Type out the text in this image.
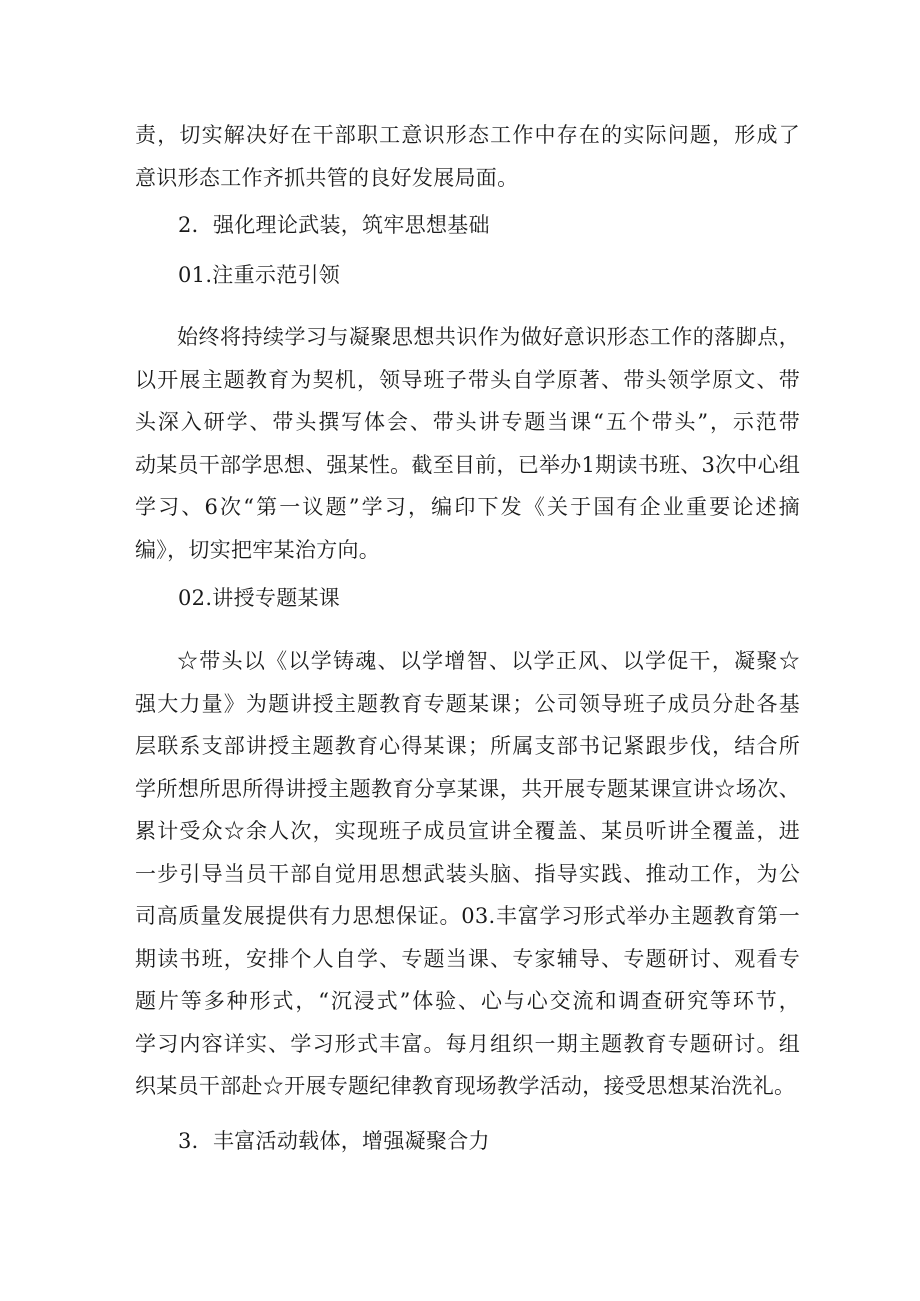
责，切实解决好在干部职工意识形态工作中存在的实际问题，形成了
意识形态工作齐抓共管的良好发展局面。
2．强化理论武装，筑牢思想基础
01.注重示范引领
始终将持续学习与凝聚思想共识作为做好意识形态工作的落脚点，
以开展主题教育为契机，领导班子带头自学原著、带头领学原文、带
头深入研学、带头撰写体会、带头讲专题当课“五个带头”，示范带
动某员干部学思想、强某性。截至目前，已举办1期读书班、3次中心组
学习、6次“第一议题”学习，编印下发《关于国有企业重要论述摘
编》，切实把牢某治方向。
02.讲授专题某课
☆带头以《以学铸魂、以学增智、以学正风、以学促干，凝聚☆
强大力量》为题讲授主题教育专题某课；公司领导班子成员分赴各基
层联系支部讲授主题教育心得某课；所属支部书记紧跟步伐，结合所
学所想所思所得讲授主题教育分享某课，共开展专题某课宣讲☆场次、
累计受众☆余人次，实现班子成员宣讲全覆盖、某员听讲全覆盖，进
一步引导当员干部自觉用思想武装头脑、指导实践、推动工作，为公
司高质量发展提供有力思想保证。03.丰富学习形式举办主题教育第一
期读书班，安排个人自学、专题当课、专家辅导、专题研讨、观看专
题片等多种形式，“沉浸式”体验、心与心交流和调查研究等环节，
学习内容详实、学习形式丰富。每月组织一期主题教育专题研讨。组
织某员干部赴☆开展专题纪律教育现场教学活动，接受思想某治洗礼。
3．丰富活动载体，增强凝聚合力
